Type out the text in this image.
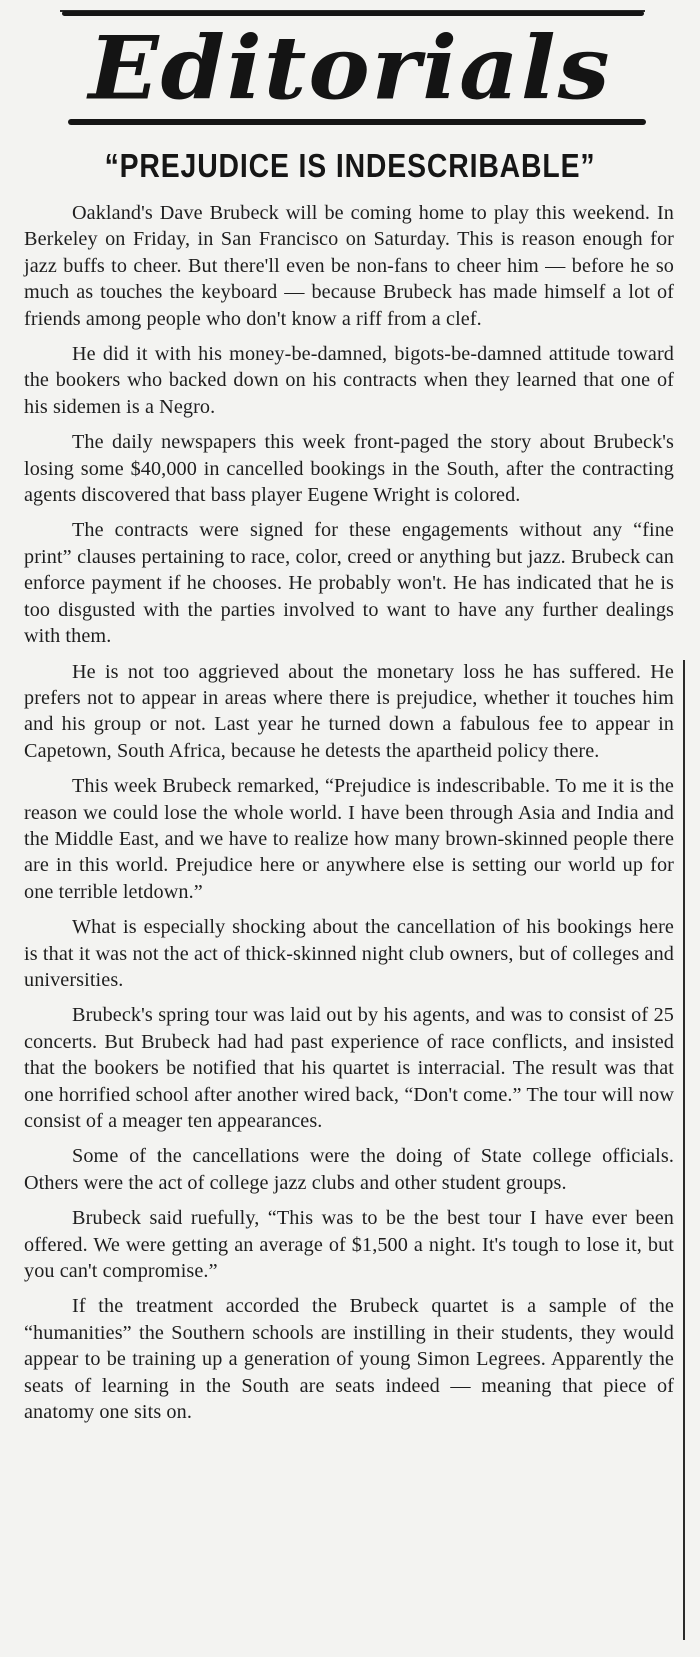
Editorials
“PREJUDICE IS INDESCRIBABLE”

Oakland's Dave Brubeck will be coming home to play this weekend. In Berkeley on Friday, in San Francisco on Saturday. This is reason enough for jazz buffs to cheer. But there'll even be non-fans to cheer him — before he so much as touches the keyboard — because Brubeck has made himself a lot of friends among people who don't know a riff from a clef.

He did it with his money-be-damned, bigots-be-damned attitude toward the bookers who backed down on his contracts when they learned that one of his sidemen is a Negro.

The daily newspapers this week front-paged the story about Brubeck's losing some $40,000 in cancelled bookings in the South, after the contracting agents discovered that bass player Eugene Wright is colored.

The contracts were signed for these engagements without any “fine print” clauses pertaining to race, color, creed or anything but jazz. Brubeck can enforce payment if he chooses. He probably won't. He has indicated that he is too disgusted with the parties involved to want to have any further dealings with them.

He is not too aggrieved about the monetary loss he has suffered. He prefers not to appear in areas where there is prejudice, whether it touches him and his group or not. Last year he turned down a fabulous fee to appear in Capetown, South Africa, because he detests the apartheid policy there.

This week Brubeck remarked, “Prejudice is indescribable. To me it is the reason we could lose the whole world. I have been through Asia and India and the Middle East, and we have to realize how many brown-skinned people there are in this world. Prejudice here or anywhere else is setting our world up for one terrible letdown.”

What is especially shocking about the cancellation of his bookings here is that it was not the act of thick-skinned night club owners, but of colleges and universities.

Brubeck's spring tour was laid out by his agents, and was to consist of 25 concerts. But Brubeck had had past experience of race conflicts, and insisted that the bookers be notified that his quartet is interracial. The result was that one horrified school after another wired back, “Don't come.” The tour will now consist of a meager ten appearances.

Some of the cancellations were the doing of State college officials. Others were the act of college jazz clubs and other student groups.

Brubeck said ruefully, “This was to be the best tour I have ever been offered. We were getting an average of $1,500 a night. It's tough to lose it, but you can't compromise.”

If the treatment accorded the Brubeck quartet is a sample of the “humanities” the Southern schools are instilling in their students, they would appear to be training up a generation of young Simon Legrees. Apparently the seats of learning in the South are seats indeed — meaning that piece of anatomy one sits on.
